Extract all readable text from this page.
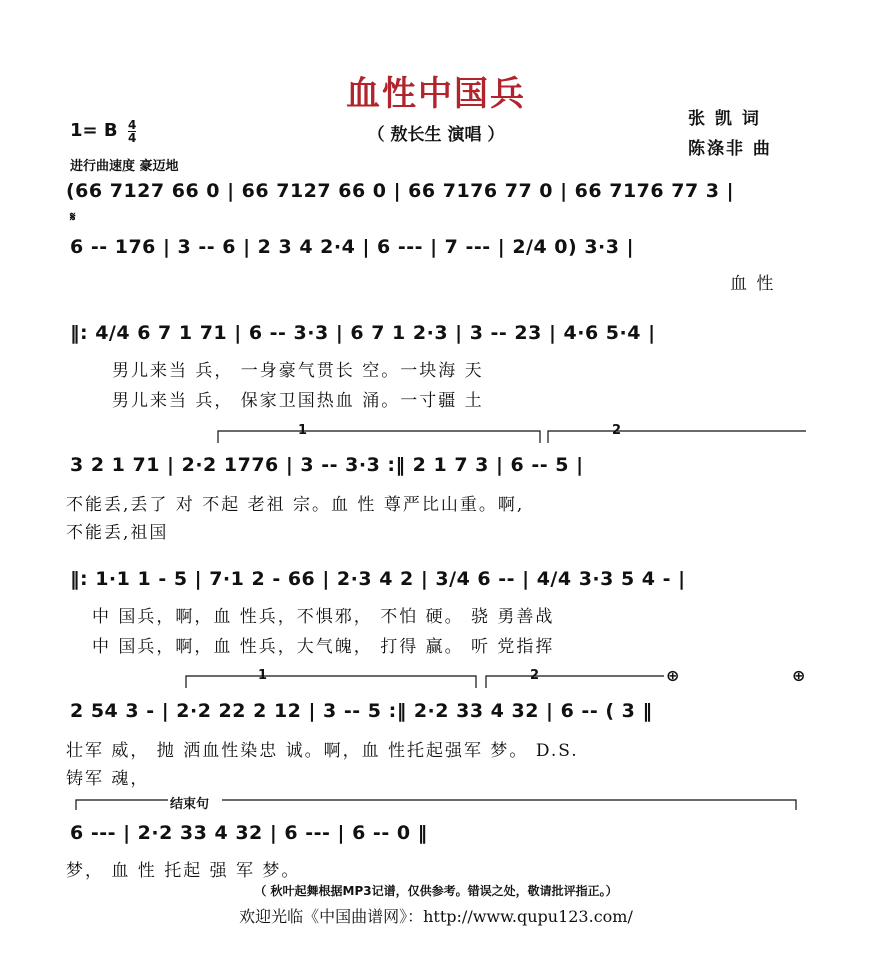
血性中国兵
（ 敖长生 演唱 ）
张 凯 词
陈涤非 曲
1= B $\frac{4}{4}$
进行曲速度 豪迈地
(66 7127 66 0 | 66 7127 66 0 | 66 7176 77 0 | 66 7176 77 3 |
𝄋
6 -- 176 | 3 -- 6 | 2 3 4 2·4 | 6 --- | 7 --- | 2/4 0) 3·3 |
血 性
‖: 4/4 6 7 1 71 | 6 -- 3·3 | 6 7 1 2·3 | 3 -- 23 | 4·6 5·4 |
男儿来当 兵， 一身豪气贯长 空。一块海 天
男儿来当 兵， 保家卫国热血 涌。一寸疆 土
1	2
3 2 1 71 | 2·2 1776 | 3 -- 3·3 :‖ 2 1 7 3 | 6 -- 5 |
不能丢,丢了 对 不起 老祖 宗。血 性 尊严比山重。啊,
不能丢,祖国
‖: 1·1 1 - 5 | 7·1 2 - 66 | 2·3 4 2 | 3/4 6 -- | 4/4 3·3 5 4 - |
中 国兵，啊，血 性兵，不惧邪， 不怕 硬。 骁 勇善战
中 国兵，啊，血 性兵，大气魄， 打得 赢。 听 党指挥
1	2	⊕	⊕
2 54 3 - | 2·2 22 2 12 | 3 -- 5 :‖ 2·2 33 4 32 | 6 -- ( 3 ‖
壮军 威， 抛 洒血性染忠 诚。啊，血 性托起强军 梦。 D.S.
铸军 魂，
结束句
6 --- | 2·2 33 4 32 | 6 --- | 6 -- 0 ‖
梦， 血 性 托起 强 军 梦。
（ 秋叶起舞根据MP3记谱，仅供参考。错误之处，敬请批评指正。）
欢迎光临《中国曲谱网》：http://www.qupu123.com/
